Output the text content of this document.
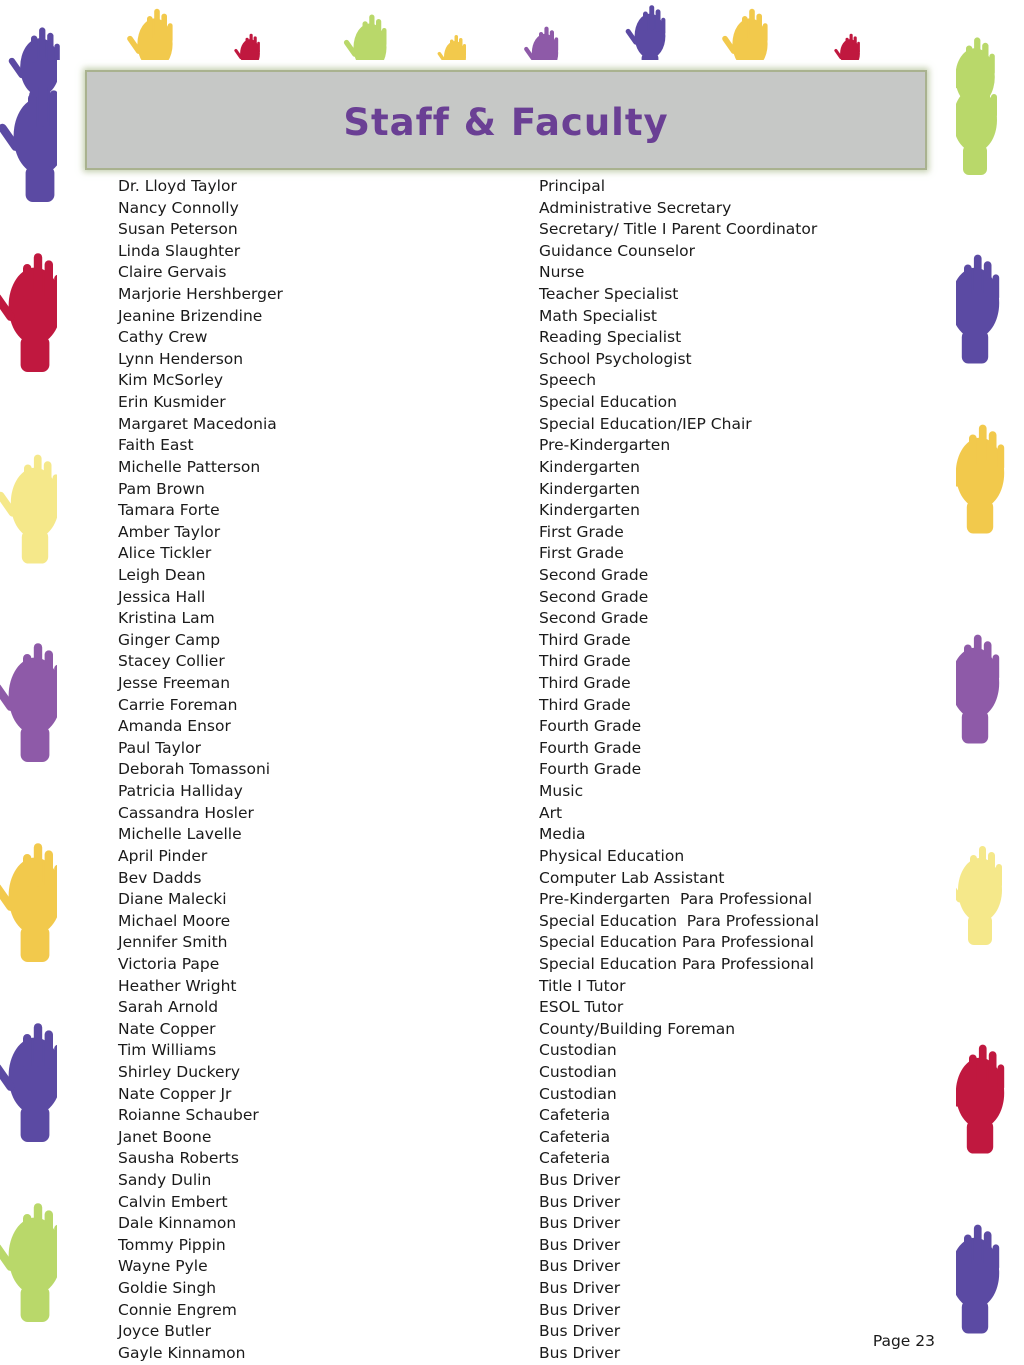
Staff & Faculty
Dr. Lloyd Taylor	Principal
Nancy Connolly	Administrative Secretary
Susan Peterson	Secretary/ Title I Parent Coordinator
Linda Slaughter	Guidance Counselor
Claire Gervais	Nurse
Marjorie Hershberger	Teacher Specialist
Jeanine Brizendine	Math Specialist
Cathy Crew	Reading Specialist
Lynn Henderson	School Psychologist
Kim McSorley	Speech
Erin Kusmider	Special Education
Margaret Macedonia	Special Education/IEP Chair
Faith East	Pre-Kindergarten
Michelle Patterson	Kindergarten
Pam Brown	Kindergarten
Tamara Forte	Kindergarten
Amber Taylor	First Grade
Alice Tickler	First Grade
Leigh Dean	Second Grade
Jessica Hall	Second Grade
Kristina Lam	Second Grade
Ginger Camp	Third Grade
Stacey Collier	Third Grade
Jesse Freeman	Third Grade
Carrie Foreman	Third Grade
Amanda Ensor	Fourth Grade
Paul Taylor	Fourth Grade
Deborah Tomassoni	Fourth Grade
Patricia Halliday	Music
Cassandra Hosler	Art
Michelle Lavelle	Media
April Pinder	Physical Education
Bev Dadds	Computer Lab Assistant
Diane Malecki	Pre-Kindergarten  Para Professional
Michael Moore	Special Education  Para Professional
Jennifer Smith	Special Education Para Professional
Victoria Pape	Special Education Para Professional
Heather Wright	Title I Tutor
Sarah Arnold	ESOL Tutor
Nate Copper	County/Building Foreman
Tim Williams	Custodian
Shirley Duckery	Custodian
Nate Copper Jr	Custodian
Roianne Schauber	Cafeteria
Janet Boone	Cafeteria
Sausha Roberts	Cafeteria
Sandy Dulin	Bus Driver
Calvin Embert	Bus Driver
Dale Kinnamon	Bus Driver
Tommy Pippin	Bus Driver
Wayne Pyle	Bus Driver
Goldie Singh	Bus Driver
Connie Engrem	Bus Driver
Joyce Butler	Bus Driver
Gayle Kinnamon	Bus Driver
Page 23
